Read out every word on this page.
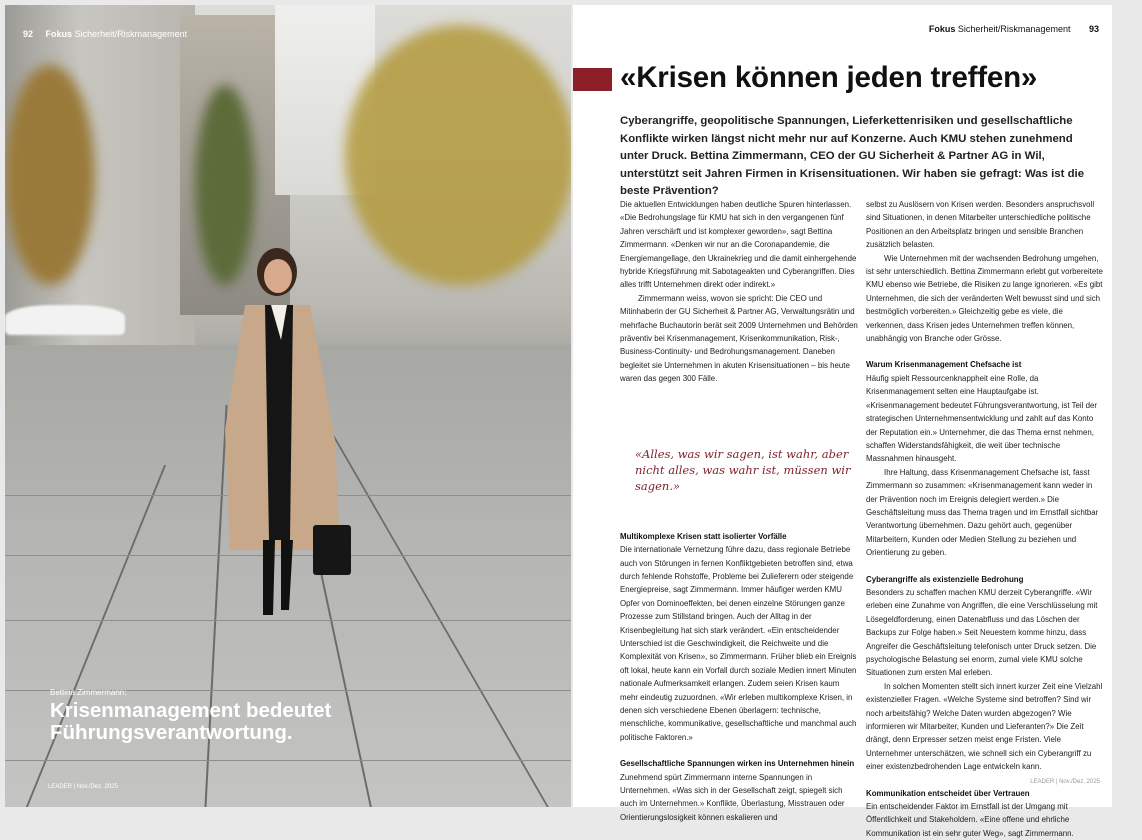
92 Fokus Sicherheit/Riskmanagement
Bettina Zimmermann:
Krisenmanagement bedeutet Führungsverantwortung.
LEADER | Nov./Dez. 2025
Fokus Sicherheit/Riskmanagement 93
«Krisen können jeden treffen»

Cyberangriffe, geopolitische Spannungen, Lieferkettenrisiken und gesellschaftliche Konflikte wirken längst nicht mehr nur auf Konzerne. Auch KMU stehen zunehmend unter Druck. Bettina Zimmermann, CEO der GU Sicherheit & Partner AG in Wil, unterstützt seit Jahren Firmen in Krisensituationen. Wir haben sie gefragt: Was ist die beste Prävention?

Die aktuellen Entwicklungen haben deutliche Spuren hinterlassen. «Die Bedrohungslage für KMU hat sich in den vergangenen fünf Jahren verschärft und ist komplexer geworden», sagt Bettina Zimmermann. «Denken wir nur an die Coronapandemie, die Energiemangellage, den Ukrainekrieg und die damit einhergehende hybride Kriegsführung mit Sabotageakten und Cyberangriffen. Dies alles trifft Unternehmen direkt oder indirekt.»

Zimmermann weiss, wovon sie spricht: Die CEO und Mitinhaberin der GU Sicherheit & Partner AG, Verwaltungsrätin und mehrfache Buchautorin berät seit 2009 Unternehmen und Behörden präventiv bei Krisenmanagement, Krisenkommunikation, Risk-, Business-Continuity- und Bedrohungsmanagement. Daneben begleitet sie Unternehmen in akuten Krisensituationen – bis heute waren das gegen 300 Fälle.

«Alles, was wir sagen, ist wahr, aber nicht alles, was wahr ist, müssen wir sagen.»
Multikomplexe Krisen statt isolierter Vorfälle

Die internationale Vernetzung führe dazu, dass regionale Betriebe auch von Störungen in fernen Konfliktgebieten betroffen sind, etwa durch fehlende Rohstoffe, Probleme bei Zulieferern oder steigende Energiepreise, sagt Zimmermann. Immer häufiger werden KMU Opfer von Dominoeffekten, bei denen einzelne Störungen ganze Prozesse zum Stillstand bringen. Auch der Alltag in der Krisenbegleitung hat sich stark verändert. «Ein entscheidender Unterschied ist die Geschwindigkeit, die Reichweite und die Komplexität von Krisen», so Zimmermann. Früher blieb ein Ereignis oft lokal, heute kann ein Vorfall durch soziale Medien innert Minuten nationale Aufmerksamkeit erlangen. Zudem seien Krisen kaum mehr eindeutig zuzuordnen. «Wir erleben multikomplexe Krisen, in denen sich verschiedene Ebenen überlagern: technische, menschliche, kommunikative, gesellschaftliche und manchmal auch politische Faktoren.»

Gesellschaftliche Spannungen wirken ins Unternehmen hinein

Zunehmend spürt Zimmermann interne Spannungen in Unternehmen. «Was sich in der Gesellschaft zeigt, spiegelt sich auch im Unternehmen.» Konflikte, Überlastung, Misstrauen oder Orientierungslosigkeit können eskalieren und

selbst zu Auslösern von Krisen werden. Besonders anspruchsvoll sind Situationen, in denen Mitarbeiter unterschiedliche politische Positionen an den Arbeitsplatz bringen und sensible Branchen zusätzlich belasten.

Wie Unternehmen mit der wachsenden Bedrohung umgehen, ist sehr unterschiedlich. Bettina Zimmermann erlebt gut vorbereitete KMU ebenso wie Betriebe, die Risiken zu lange ignorieren. «Es gibt Unternehmen, die sich der veränderten Welt bewusst sind und sich bestmöglich vorbereiten.» Gleichzeitig gebe es viele, die verkennen, dass Krisen jedes Unternehmen treffen können, unabhängig von Branche oder Grösse.

Warum Krisenmanagement Chefsache ist

Häufig spielt Ressourcenknappheit eine Rolle, da Krisenmanagement selten eine Hauptaufgabe ist. «Krisenmanagement bedeutet Führungsverantwortung, ist Teil der strategischen Unternehmensentwicklung und zahlt auf das Konto der Reputation ein.» Unternehmer, die das Thema ernst nehmen, schaffen Widerstandsfähigkeit, die weit über technische Massnahmen hinausgeht.

Ihre Haltung, dass Krisenmanagement Chefsache ist, fasst Zimmermann so zusammen: «Krisenmanagement kann weder in der Prävention noch im Ereignis delegiert werden.» Die Geschäftsleitung muss das Thema tragen und im Ernstfall sichtbar Verantwortung übernehmen. Dazu gehört auch, gegenüber Mitarbeitern, Kunden oder Medien Stellung zu beziehen und Orientierung zu geben.

Cyberangriffe als existenzielle Bedrohung

Besonders zu schaffen machen KMU derzeit Cyberangriffe. «Wir erleben eine Zunahme von Angriffen, die eine Verschlüsselung mit Lösegeldforderung, einen Datenabfluss und das Löschen der Backups zur Folge haben.» Seit Neuestem komme hinzu, dass Angreifer die Geschäftsleitung telefonisch unter Druck setzen. Die psychologische Belastung sei enorm, zumal viele KMU solche Situationen zum ersten Mal erleben.

In solchen Momenten stellt sich innert kurzer Zeit eine Vielzahl existenzieller Fragen. «Welche Systeme sind betroffen? Sind wir noch arbeitsfähig? Welche Daten wurden abgezogen? Wie informieren wir Mitarbeiter, Kunden und Lieferanten?» Die Zeit drängt, denn Erpresser setzen meist enge Fristen. Viele Unternehmer unterschätzen, wie schnell sich ein Cyberangriff zu einer existenzbedrohenden Lage entwickeln kann.

Kommunikation entscheidet über Vertrauen

Ein entscheidender Faktor im Ernstfall ist der Umgang mit Öffentlichkeit und Stakeholdern. «Eine offene und ehrliche Kommunikation ist ein sehr guter Weg», sagt Zimmermann.

LEADER | Nov./Dez. 2025
